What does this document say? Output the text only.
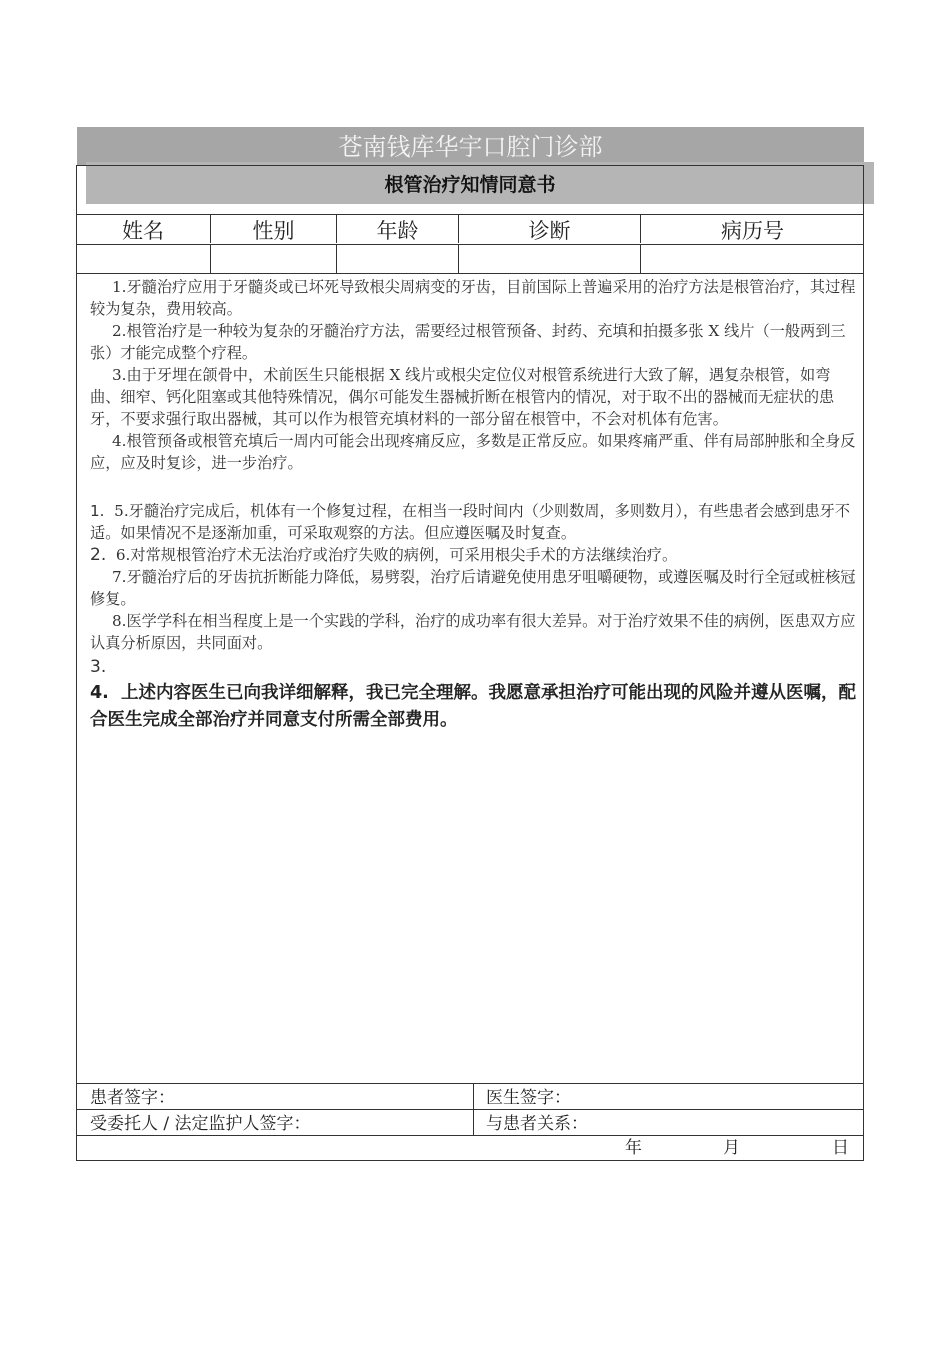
苍南钱库华宇口腔门诊部
根管治疗知情同意书
姓名	性别	年龄	诊断	病历号

1.牙髓治疗应用于牙髓炎或已坏死导致根尖周病变的牙齿，目前国际上普遍采用的治疗方法是根管治疗，其过程较为复杂，费用较高。

2.根管治疗是一种较为复杂的牙髓治疗方法，需要经过根管预备、封药、充填和拍摄多张 X 线片（一般两到三张）才能完成整个疗程。

3.由于牙埋在颌骨中，术前医生只能根据 X 线片或根尖定位仪对根管系统进行大致了解，遇复杂根管，如弯曲、细窄、钙化阻塞或其他特殊情况，偶尔可能发生器械折断在根管内的情况，对于取不出的器械而无症状的患牙，不要求强行取出器械，其可以作为根管充填材料的一部分留在根管中，不会对机体有危害。

4.根管预备或根管充填后一周内可能会出现疼痛反应，多数是正常反应。如果疼痛严重、伴有局部肿胀和全身反应，应及时复诊，进一步治疗。

1. 5.牙髓治疗完成后，机体有一个修复过程，在相当一段时间内（少则数周，多则数月），有些患者会感到患牙不适。如果情况不是逐渐加重，可采取观察的方法。但应遵医嘱及时复查。

2. 6.对常规根管治疗术无法治疗或治疗失败的病例，可采用根尖手术的方法继续治疗。

7.牙髓治疗后的牙齿抗折断能力降低，易劈裂，治疗后请避免使用患牙咀嚼硬物，或遵医嘱及时行全冠或桩核冠修复。

8.医学学科在相当程度上是一个实践的学科，治疗的成功率有很大差异。对于治疗效果不佳的病例，医患双方应认真分析原因，共同面对。

3.

4. 上述内容医生已向我详细解释，我已完全理解。我愿意承担治疗可能出现的风险并遵从医嘱，配合医生完成全部治疗并同意支付所需全部费用。

患者签字：	医生签字：
受委托人 / 法定监护人签字：	与患者关系：
年	月	日
